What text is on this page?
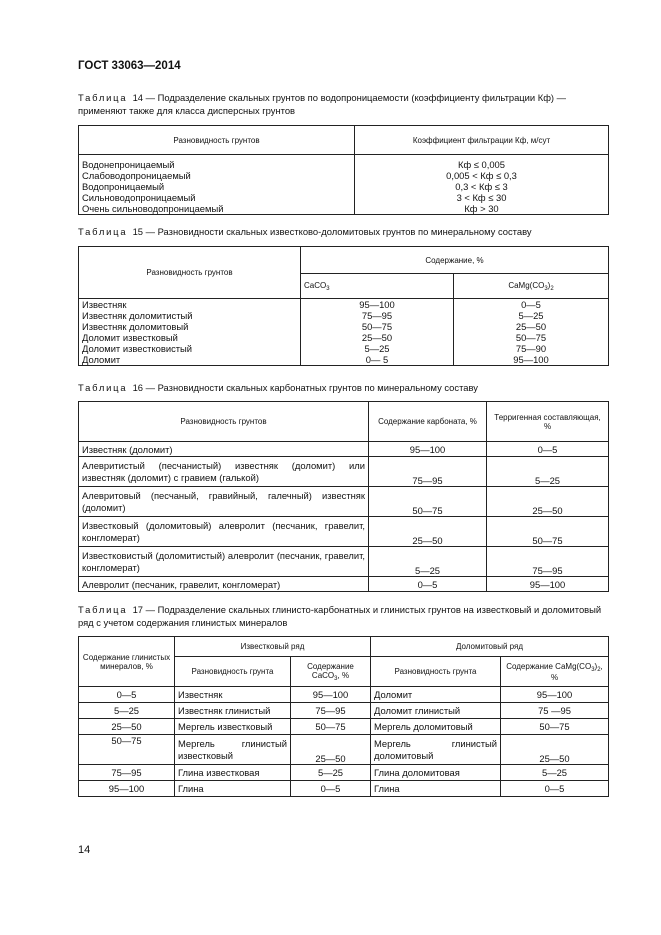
ГОСТ 33063—2014
Таблица 14 — Подразделение скальных грунтов по водопроницаемости (коэффициенту фильтрации Кф) — применяют также для класса дисперсных грунтов
Разновидность грунтов	Коэффициент фильтрации Кф, м/сут

Водонепроницаемый	Кф ≤ 0,005
Слабоводопроницаемый	0,005 < Кф ≤ 0,3
Водопроницаемый	0,3 < Кф ≤ 3
Сильноводопроницаемый	3 < Кф ≤ 30
Очень сильноводопроницаемый	Кф > 30
Таблица 15 — Разновидности скальных известково-доломитовых грунтов по минеральному составу
Разновидность грунтов	Содержание, %	
	CaCO$_3$	$CaMg(CO_3)_2$
Известняк	95—100	0—5
Известняк доломитистый	75—95	5—25
Известняк доломитовый	50—75	25—50
Доломит известковый	25—50	50—75
Доломит известковистый	5—25	75—90
Доломит	0— 5	95—100
Таблица 16 — Разновидности скальных карбонатных грунтов по минеральному составу
Разновидность грунтов	Содержание карбоната, %	Терригенная составляющая, %
Известняк (доломит)	95—100	0—5
Алевритистый (песчанистый) известняк (доломит) или известняк (доломит) с гравием (галькой)	75—95	5—25
Алевритовый (песчаный, гравийный, галечный) известняк (доломит)	50—75	25—50
Известковый (доломитовый) алевролит (песчаник, гравелит, конгломерат)	25—50	50—75
Известковистый (доломитистый) алевролит (песчаник, гравелит, конгломерат)	5—25	75—95
Алевролит (песчаник, гравелит, конгломерат)	0—5	95—100
Таблица 17 — Подразделение скальных глинисто-карбонатных и глинистых грунтов на известковый и доломитовый ряд с учетом содержания глинистых минералов
Содержание глинистых минералов, %	Известковый ряд		Доломитовый ряд	
	Разновидность грунта	Содержание CaCO$_3$, %	Разновидность грунта	Содержание $CaMg(CO_3)_2$, %
0—5	Известняк	95—100	Доломит	95—100
5—25	Известняк глинистый	75—95	Доломит глинистый	75 —95
25—50	Мергель известковый	50—75	Мергель доломитовый	50—75
50—75	Мергель глинистый известковый	25—50	Мергель глинистый доломитовый	25—50
75—95	Глина известковая	5—25	Глина доломитовая	5—25
95—100	Глина	0—5	Глина	0—5
14
